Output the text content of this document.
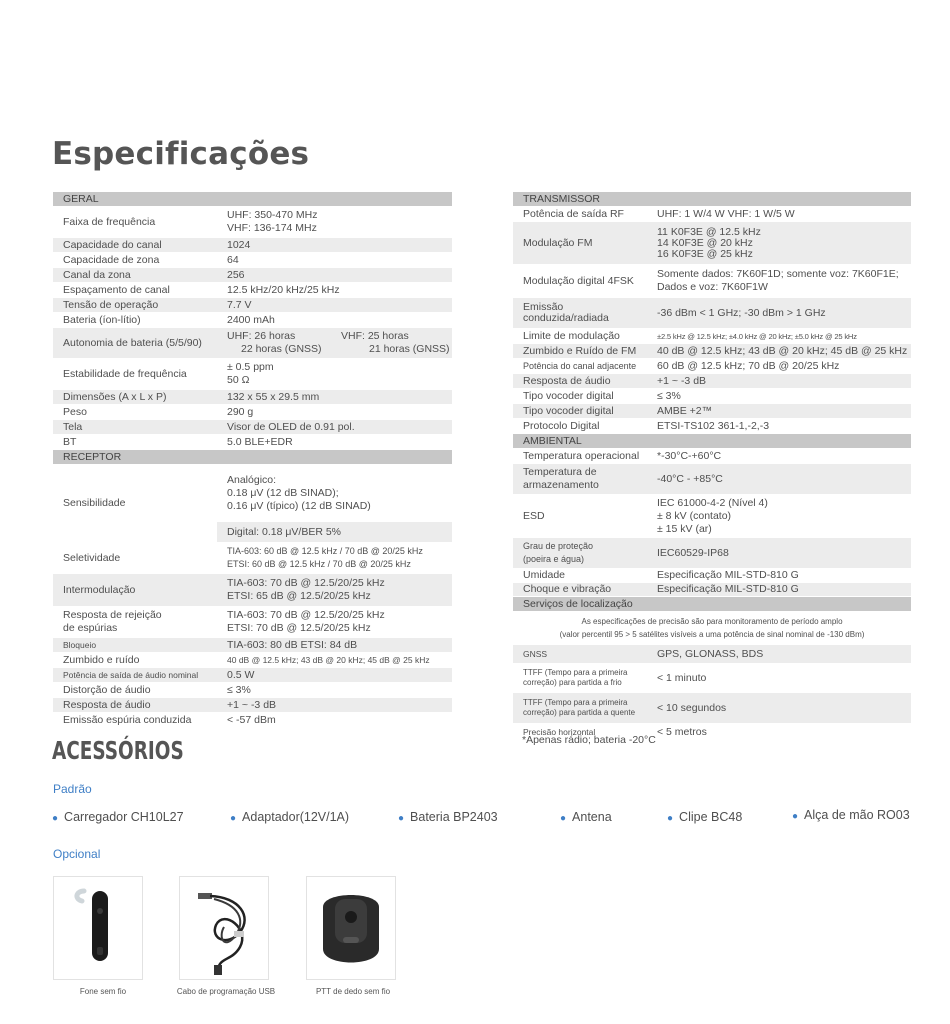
Especificações
GERAL	
Faixa de frequência	UHF: 350-470 MHz
VHF: 136-174 MHz

Capacidade do canal	1024
Capacidade de zona	64
Canal da zona	256
Espaçamento de canal	12.5 kHz/20 kHz/25 kHz
Tensão de operação	7.7 V
Bateria (íon-lítio)	2400 mAh
Autonomia de bateria (5/5/90)	UHF: 26 horas VHF: 25 horas
22 horas (GNSS) 21 horas (GNSS)

Estabilidade de frequência	± 0.5 ppm
50 Ω

Dimensões (A x L x P)	132 x 55 x 29.5 mm
Peso	290 g
Tela	Visor de OLED de 0.91 pol.
BT	5.0 BLE+EDR
RECEPTOR	
Sensibilidade	Analógico:
0.18 μV (12 dB SINAD);
0.16 μV (típico) (12 dB SINAD)

	Digital: 0.18 μV/BER 5%
Seletividade	TIA-603: 60 dB @ 12.5 kHz / 70 dB @ 20/25 kHz
ETSI: 60 dB @ 12.5 kHz / 70 dB @ 20/25 kHz

Intermodulação	TIA-603: 70 dB @ 12.5/20/25 kHz
ETSI: 65 dB @ 12.5/20/25 kHz

Resposta de rejeição
de espúrias	TIA-603: 70 dB @ 12.5/20/25 kHz
ETSI: 70 dB @ 12.5/20/25 kHz

Bloqueio	TIA-603: 80 dB ETSI: 84 dB
Zumbido e ruído	40 dB @ 12.5 kHz; 43 dB @ 20 kHz; 45 dB @ 25 kHz
Potência de saída de áudio nominal	0.5 W
Distorção de áudio	≤ 3%
Resposta de áudio	+1 ~ -3 dB
Emissão espúria conduzida	< -57 dBm
TRANSMISSOR	
Potência de saída RF	UHF: 1 W/4 W VHF: 1 W/5 W
Modulação FM	11 K0F3E @ 12.5 kHz
14 K0F3E @ 20 kHz
16 K0F3E @ 25 kHz

Modulação digital 4FSK	Somente dados: 7K60F1D; somente voz: 7K60F1E;
Dados e voz: 7K60F1W

Emissão
conduzida/radiada	-36 dBm < 1 GHz; -30 dBm > 1 GHz
Limite de modulação	±2.5 kHz @ 12.5 kHz; ±4.0 kHz @ 20 kHz; ±5.0 kHz @ 25 kHz
Zumbido e Ruído de FM	40 dB @ 12.5 kHz; 43 dB @ 20 kHz; 45 dB @ 25 kHz
Potência do canal adjacente	60 dB @ 12.5 kHz; 70 dB @ 20/25 kHz
Resposta de áudio	+1 ~ -3 dB
Tipo vocoder digital	≤ 3%
Tipo vocoder digital	AMBE +2™
Protocolo Digital	ETSI-TS102 361-1,-2,-3
AMBIENTAL	
Temperatura operacional	*-30°C-+60°C

Temperatura de
armazenamento	-40°C - +85°C
ESD	IEC 61000-4-2 (Nível 4)
± 8 kV (contato)
± 15 kV (ar)

Grau de proteção
(poeira e água)	IEC60529-IP68
Umidade	Especificação MIL-STD-810 G
Choque e vibração	Especificação MIL-STD-810 G
Serviços de localização	

As especificações de precisão são para monitoramento de período amplo
(valor percentil 95 > 5 satélites visíveis a uma potência de sinal nominal de -130 dBm)	

GNSS	GPS, GLONASS, BDS

TTFF (Tempo para a primeira
correção) para partida a frio	< 1 minuto

TTFF (Tempo para a primeira
correção) para partida a quente	< 10 segundos
Precisão horizontal	< 5 metros
*Apenas rádio; bateria -20°C
ACESSÓRIOS
Padrão
● Carregador CH10L27	● Adaptador(12V/1A)	● Bateria BP2403	● Antena	● Clipe BC48	● Alça de mão RO03
Opcional
Fone sem fio	Cabo de programação USB	PTT de dedo sem fio
